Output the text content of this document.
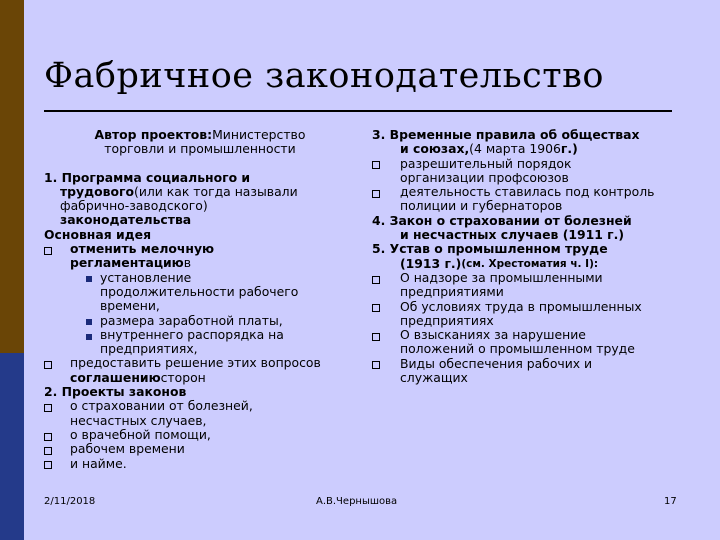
Фабричное законодательство
Автор проектов: Министерство
торговли и промышленности
1. Программа социального и
трудового (или как тогда называли
фабрично-заводского)
законодательства
Основная идея
отменить мелочную
регламентацию в
установление
продолжительности рабочего
времени,
размера заработной платы,
внутреннего распорядка на
предприятиях,
предоставить решение этих вопросов
соглашению сторон
2. Проекты законов
о страховании от болезней,
несчастных случаев,
о врачебной помощи,
рабочем времени
и найме.
3. Временные правила об обществах
и союзах, (4 марта 1906 г.)
разрешительный порядок
организации профсоюзов
деятельность ставилась под контроль
полиции и губернаторов
4. Закон о страховании от болезней
и несчастных случаев (1911 г.)
5. Устав о промышленном труде
(1913 г.) (см. Хрестоматия ч. I):
О надзоре за промышленными
предприятиями
Об условиях труда в промышленных
предприятиях
О взысканиях за нарушение
положений о промышленном труде
Виды обеспечения рабочих и
служащих
2/11/2018	А.В.Чернышова	17
